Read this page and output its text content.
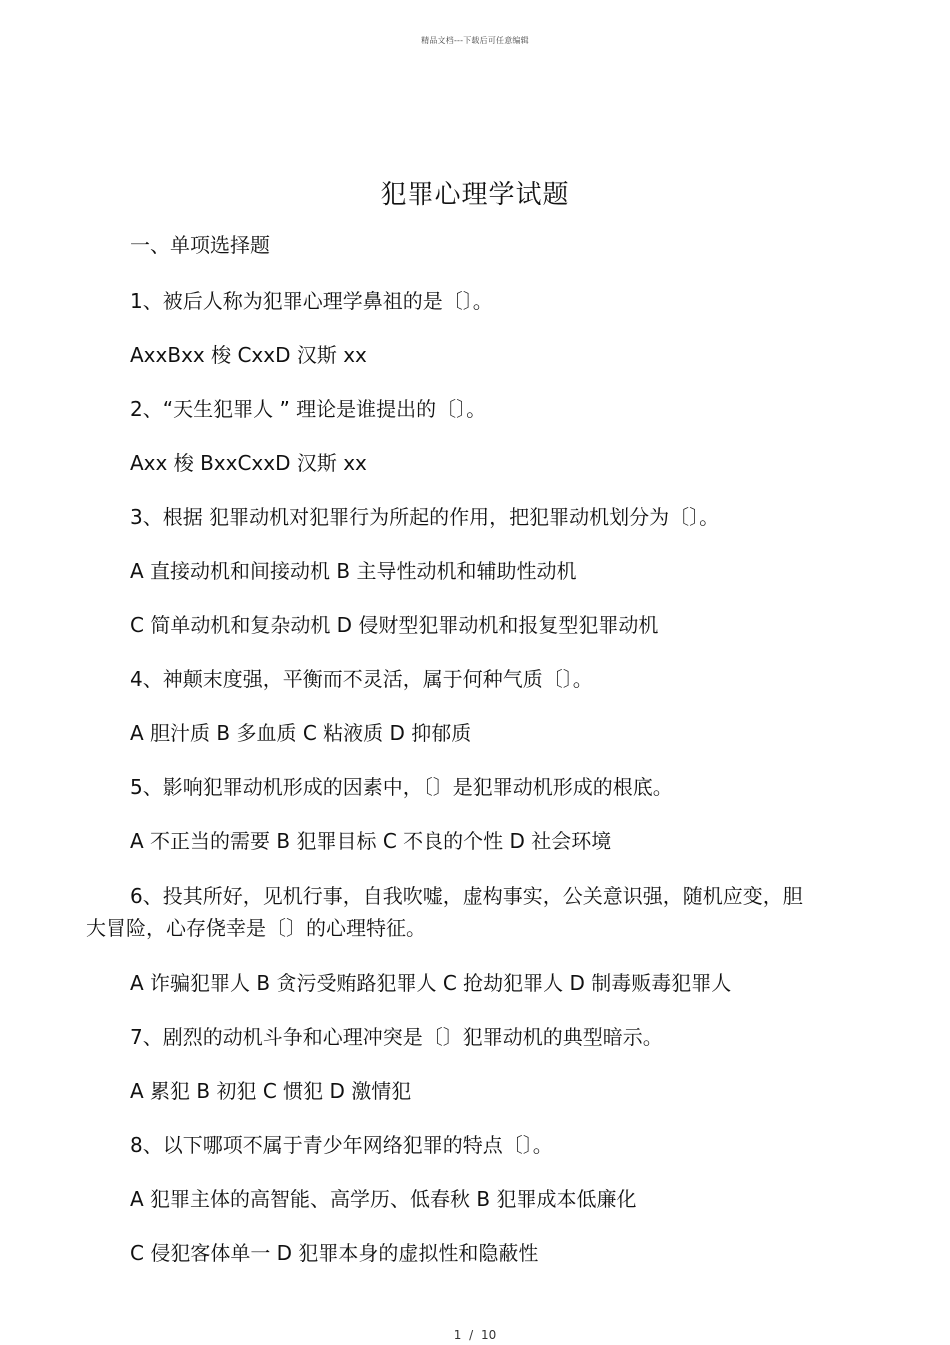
精品文档---下载后可任意编辑
犯罪心理学试题
一、单项选择题
1、被后人称为犯罪心理学鼻祖的是〔〕。
AxxBxx 梭 CxxD 汉斯 xx
2、“天生犯罪人 ” 理论是谁提出的〔〕。
Axx 梭 BxxCxxD 汉斯 xx
3、根据 犯罪动机对犯罪行为所起的作用，把犯罪动机划分为〔〕。
A 直接动机和间接动机 B 主导性动机和辅助性动机
C 简单动机和复杂动机 D 侵财型犯罪动机和报复型犯罪动机
4、神颠末度强，平衡而不灵活，属于何种气质〔〕。
A 胆汁质 B 多血质 C 粘液质 D 抑郁质
5、影响犯罪动机形成的因素中，〔〕是犯罪动机形成的根底。
A 不正当的需要 B 犯罪目标 C 不良的个性 D 社会环境
6、投其所好，见机行事，自我吹嘘，虚构事实，公关意识强，随机应变，胆大冒险，心存侥幸是〔〕的心理特征。
A 诈骗犯罪人 B 贪污受贿路犯罪人 C 抢劫犯罪人 D 制毒贩毒犯罪人
7、剧烈的动机斗争和心理冲突是〔〕犯罪动机的典型暗示。
A 累犯 B 初犯 C 惯犯 D 激情犯
8、以下哪项不属于青少年网络犯罪的特点〔〕。
A 犯罪主体的高智能、高学历、低春秋 B 犯罪成本低廉化
C 侵犯客体单一 D 犯罪本身的虚拟性和隐蔽性
1 / 10
